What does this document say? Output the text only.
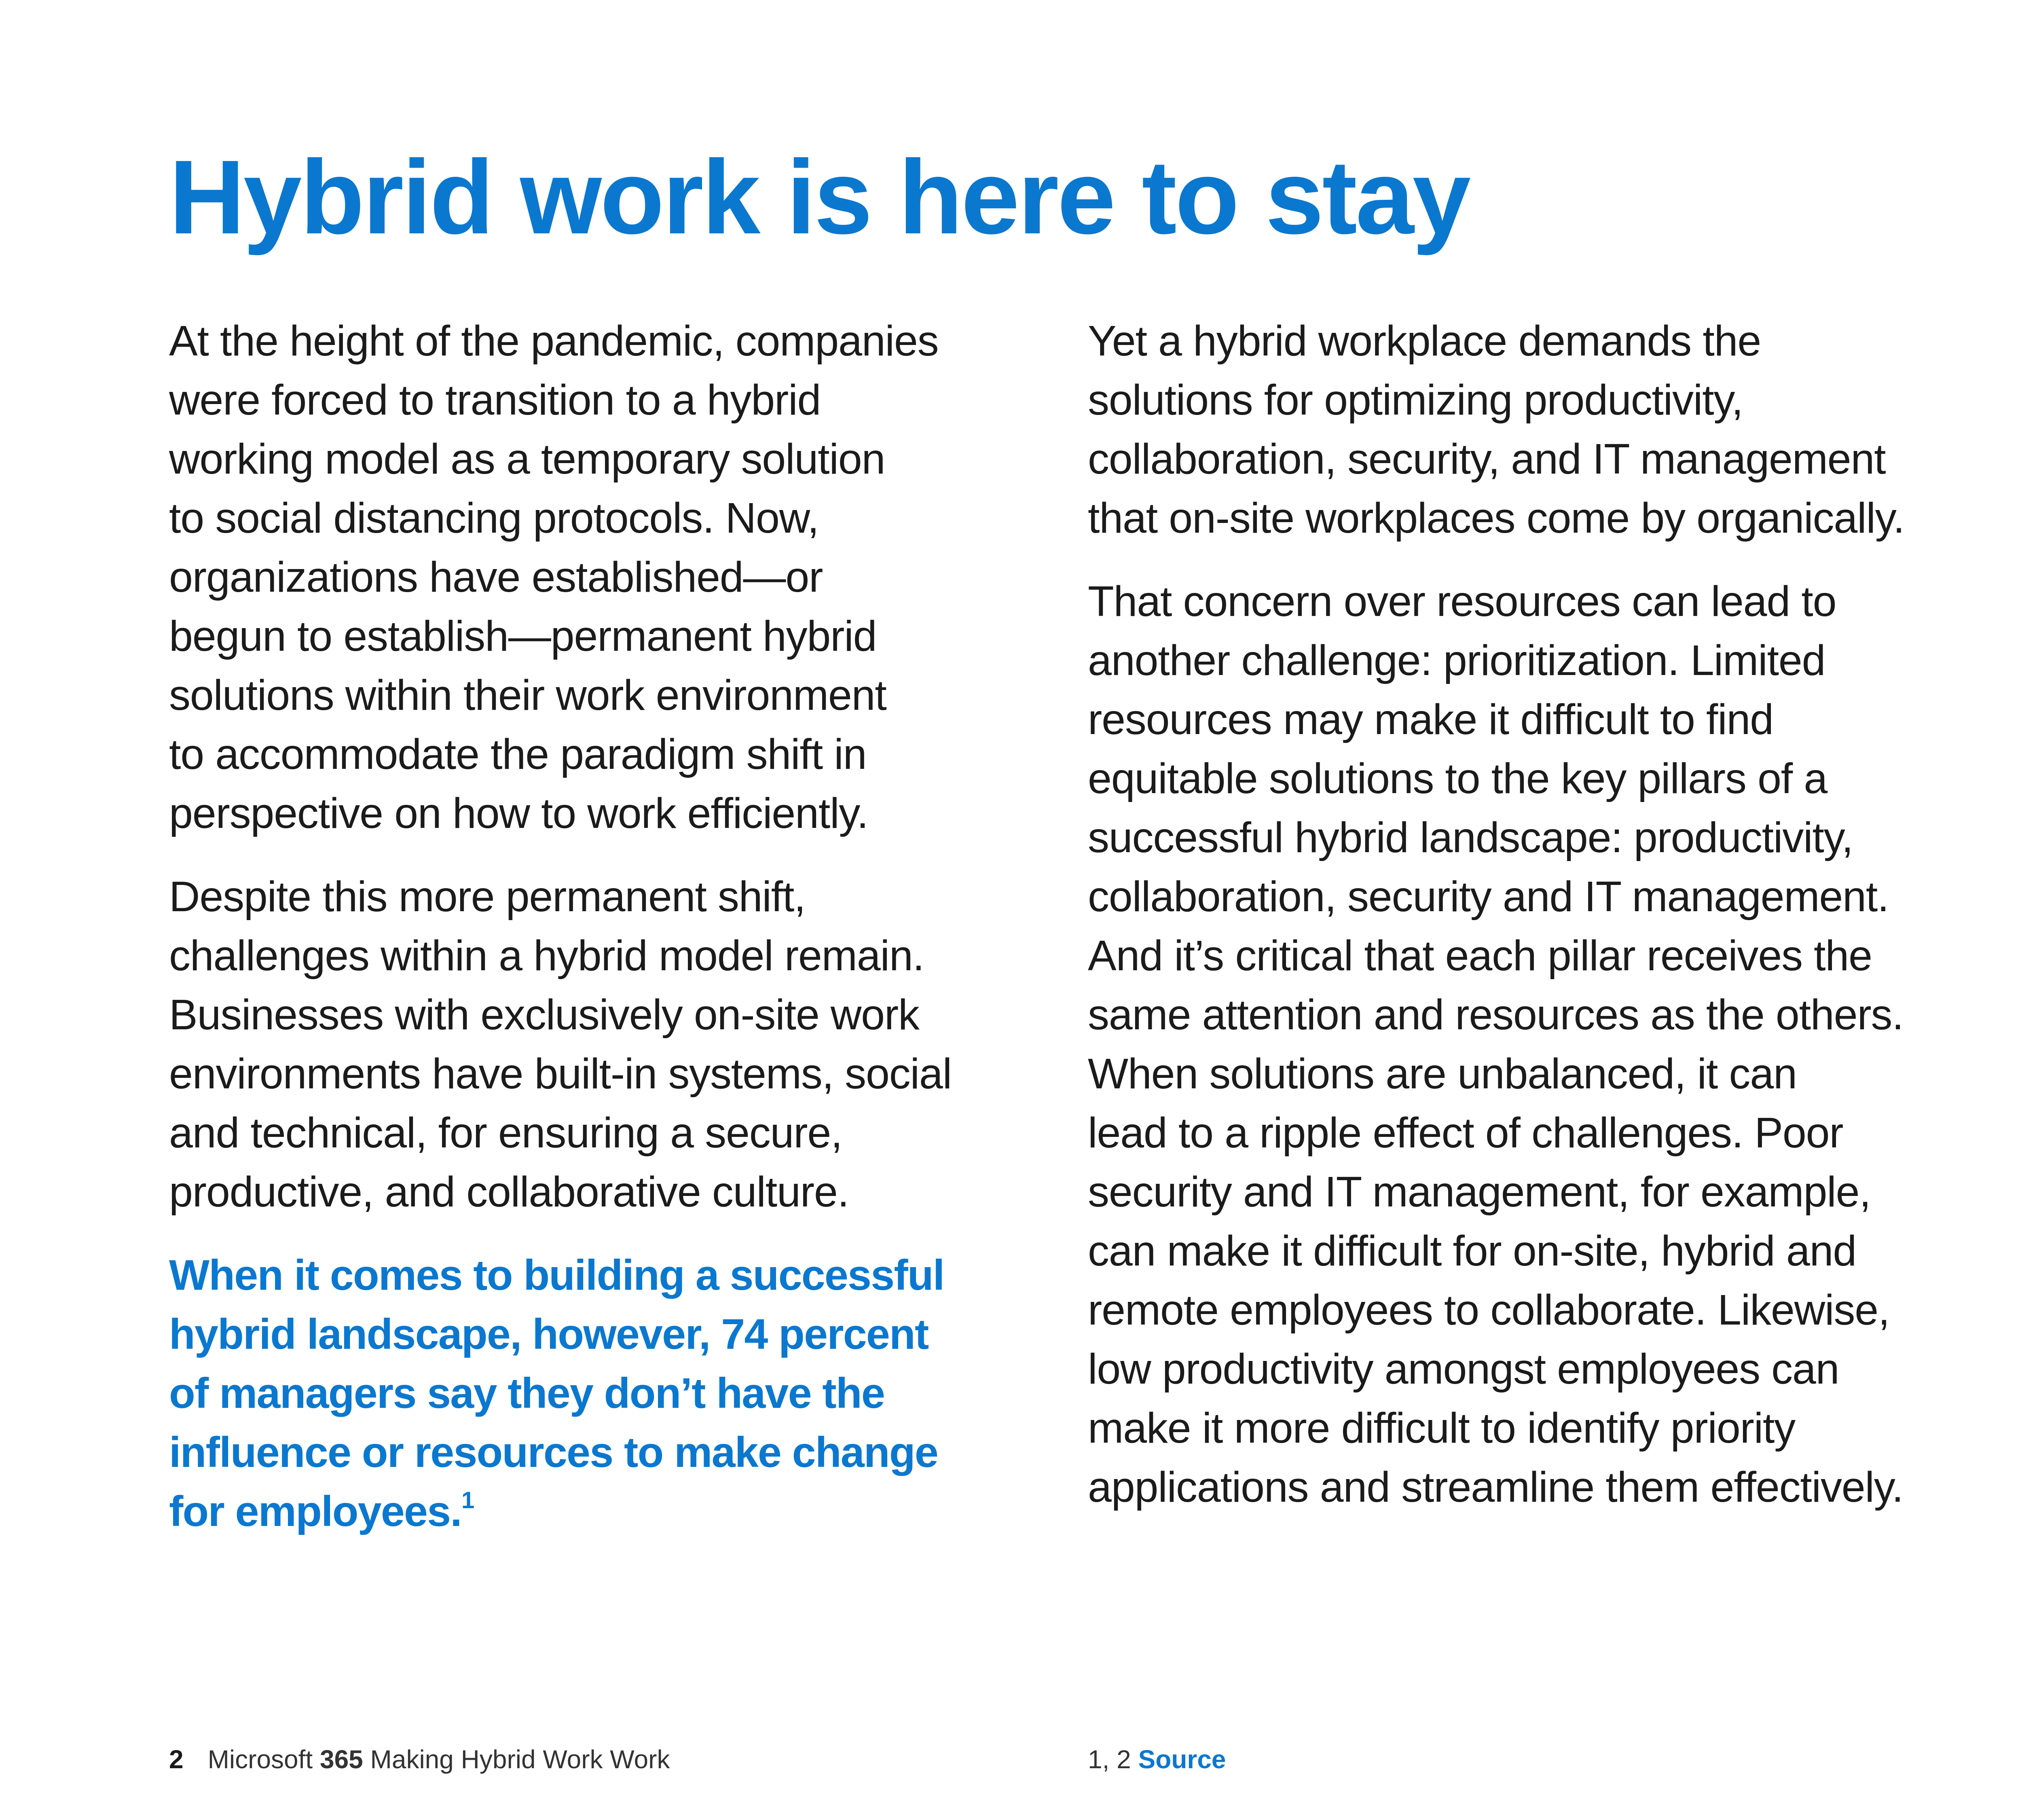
Hybrid work is here to stay

At the height of the pandemic, companies
were forced to transition to a hybrid
working model as a temporary solution
to social distancing protocols. Now,
organizations have established—or
begun to establish—permanent hybrid
solutions within their work environment
to accommodate the paradigm shift in
perspective on how to work efficiently.

Despite this more permanent shift,
challenges within a hybrid model remain.
Businesses with exclusively on-site work
environments have built-in systems, social
and technical, for ensuring a secure,
productive, and collaborative culture.

When it comes to building a successful
hybrid landscape, however, 74 percent
of managers say they don’t have the
influence or resources to make change
for employees.$^1$

Yet a hybrid workplace demands the
solutions for optimizing productivity,
collaboration, security, and IT management
that on-site workplaces come by organically.

That concern over resources can lead to
another challenge: prioritization. Limited
resources may make it difficult to find
equitable solutions to the key pillars of a
successful hybrid landscape: productivity,
collaboration, security and IT management.
And it’s critical that each pillar receives the
same attention and resources as the others.
When solutions are unbalanced, it can
lead to a ripple effect of challenges. Poor
security and IT management, for example,
can make it difficult for on-site, hybrid and
remote employees to collaborate. Likewise,
low productivity amongst employees can
make it more difficult to identify priority
applications and streamline them effectively.

2 Microsoft 365 Making Hybrid Work Work	1, 2 Source
